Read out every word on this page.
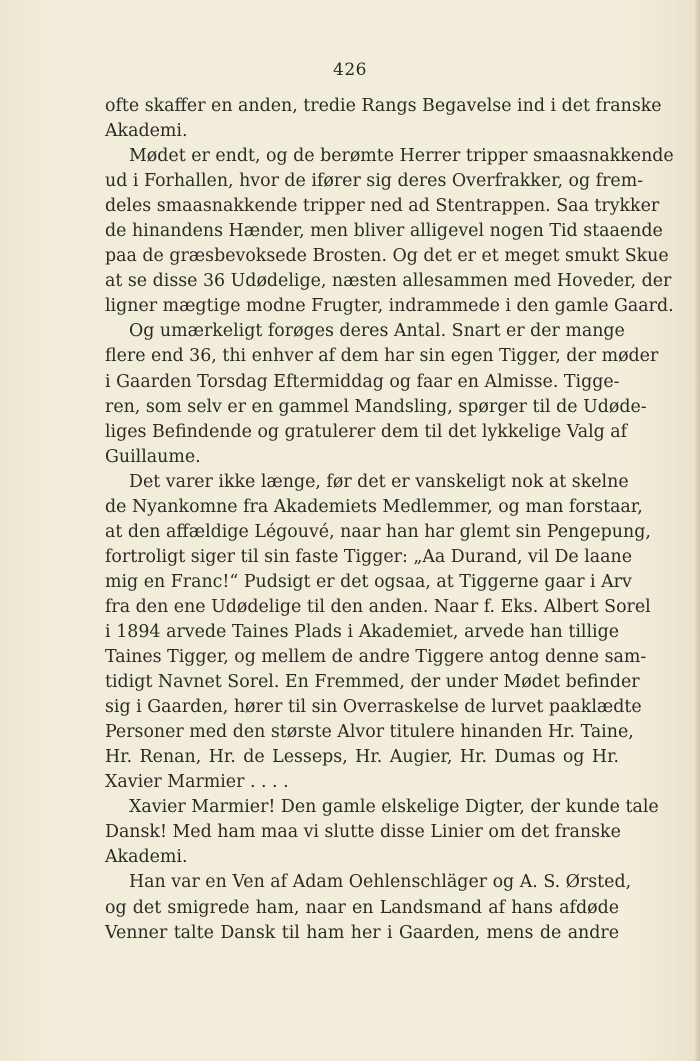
426
ofte skaffer en anden, tredie Rangs Begavelse ind i det franske
Akademi.
Mødet er endt, og de berømte Herrer tripper smaasnakkende
ud i Forhallen, hvor de ifører sig deres Overfrakker, og frem-
deles smaasnakkende tripper ned ad Stentrappen. Saa trykker
de hinandens Hænder, men bliver alligevel nogen Tid staaende
paa de græsbevoksede Brosten. Og det er et meget smukt Skue
at se disse 36 Udødelige, næsten allesammen med Hoveder, der
ligner mægtige modne Frugter, indrammede i den gamle Gaard.
Og umærkeligt forøges deres Antal. Snart er der mange
flere end 36, thi enhver af dem har sin egen Tigger, der møder
i Gaarden Torsdag Eftermiddag og faar en Almisse. Tigge-
ren, som selv er en gammel Mandsling, spørger til de Udøde-
liges Befindende og gratulerer dem til det lykkelige Valg af
Guillaume.
Det varer ikke længe, før det er vanskeligt nok at skelne
de Nyankomne fra Akademiets Medlemmer, og man forstaar,
at den affældige Légouvé, naar han har glemt sin Pengepung,
fortroligt siger til sin faste Tigger: „Aa Durand, vil De laane
mig en Franc!“ Pudsigt er det ogsaa, at Tiggerne gaar i Arv
fra den ene Udødelige til den anden. Naar f. Eks. Albert Sorel
i 1894 arvede Taines Plads i Akademiet, arvede han tillige
Taines Tigger, og mellem de andre Tiggere antog denne sam-
tidigt Navnet Sorel. En Fremmed, der under Mødet befinder
sig i Gaarden, hører til sin Overraskelse de lurvet paaklædte
Personer med den største Alvor titulere hinanden Hr. Taine,
Hr. Renan, Hr. de Lesseps, Hr. Augier, Hr. Dumas og Hr.
Xavier Marmier . . . .
Xavier Marmier! Den gamle elskelige Digter, der kunde tale
Dansk! Med ham maa vi slutte disse Linier om det franske
Akademi.
Han var en Ven af Adam Oehlenschläger og A. S. Ørsted,
og det smigrede ham, naar en Landsmand af hans afdøde
Venner talte Dansk til ham her i Gaarden, mens de andre
